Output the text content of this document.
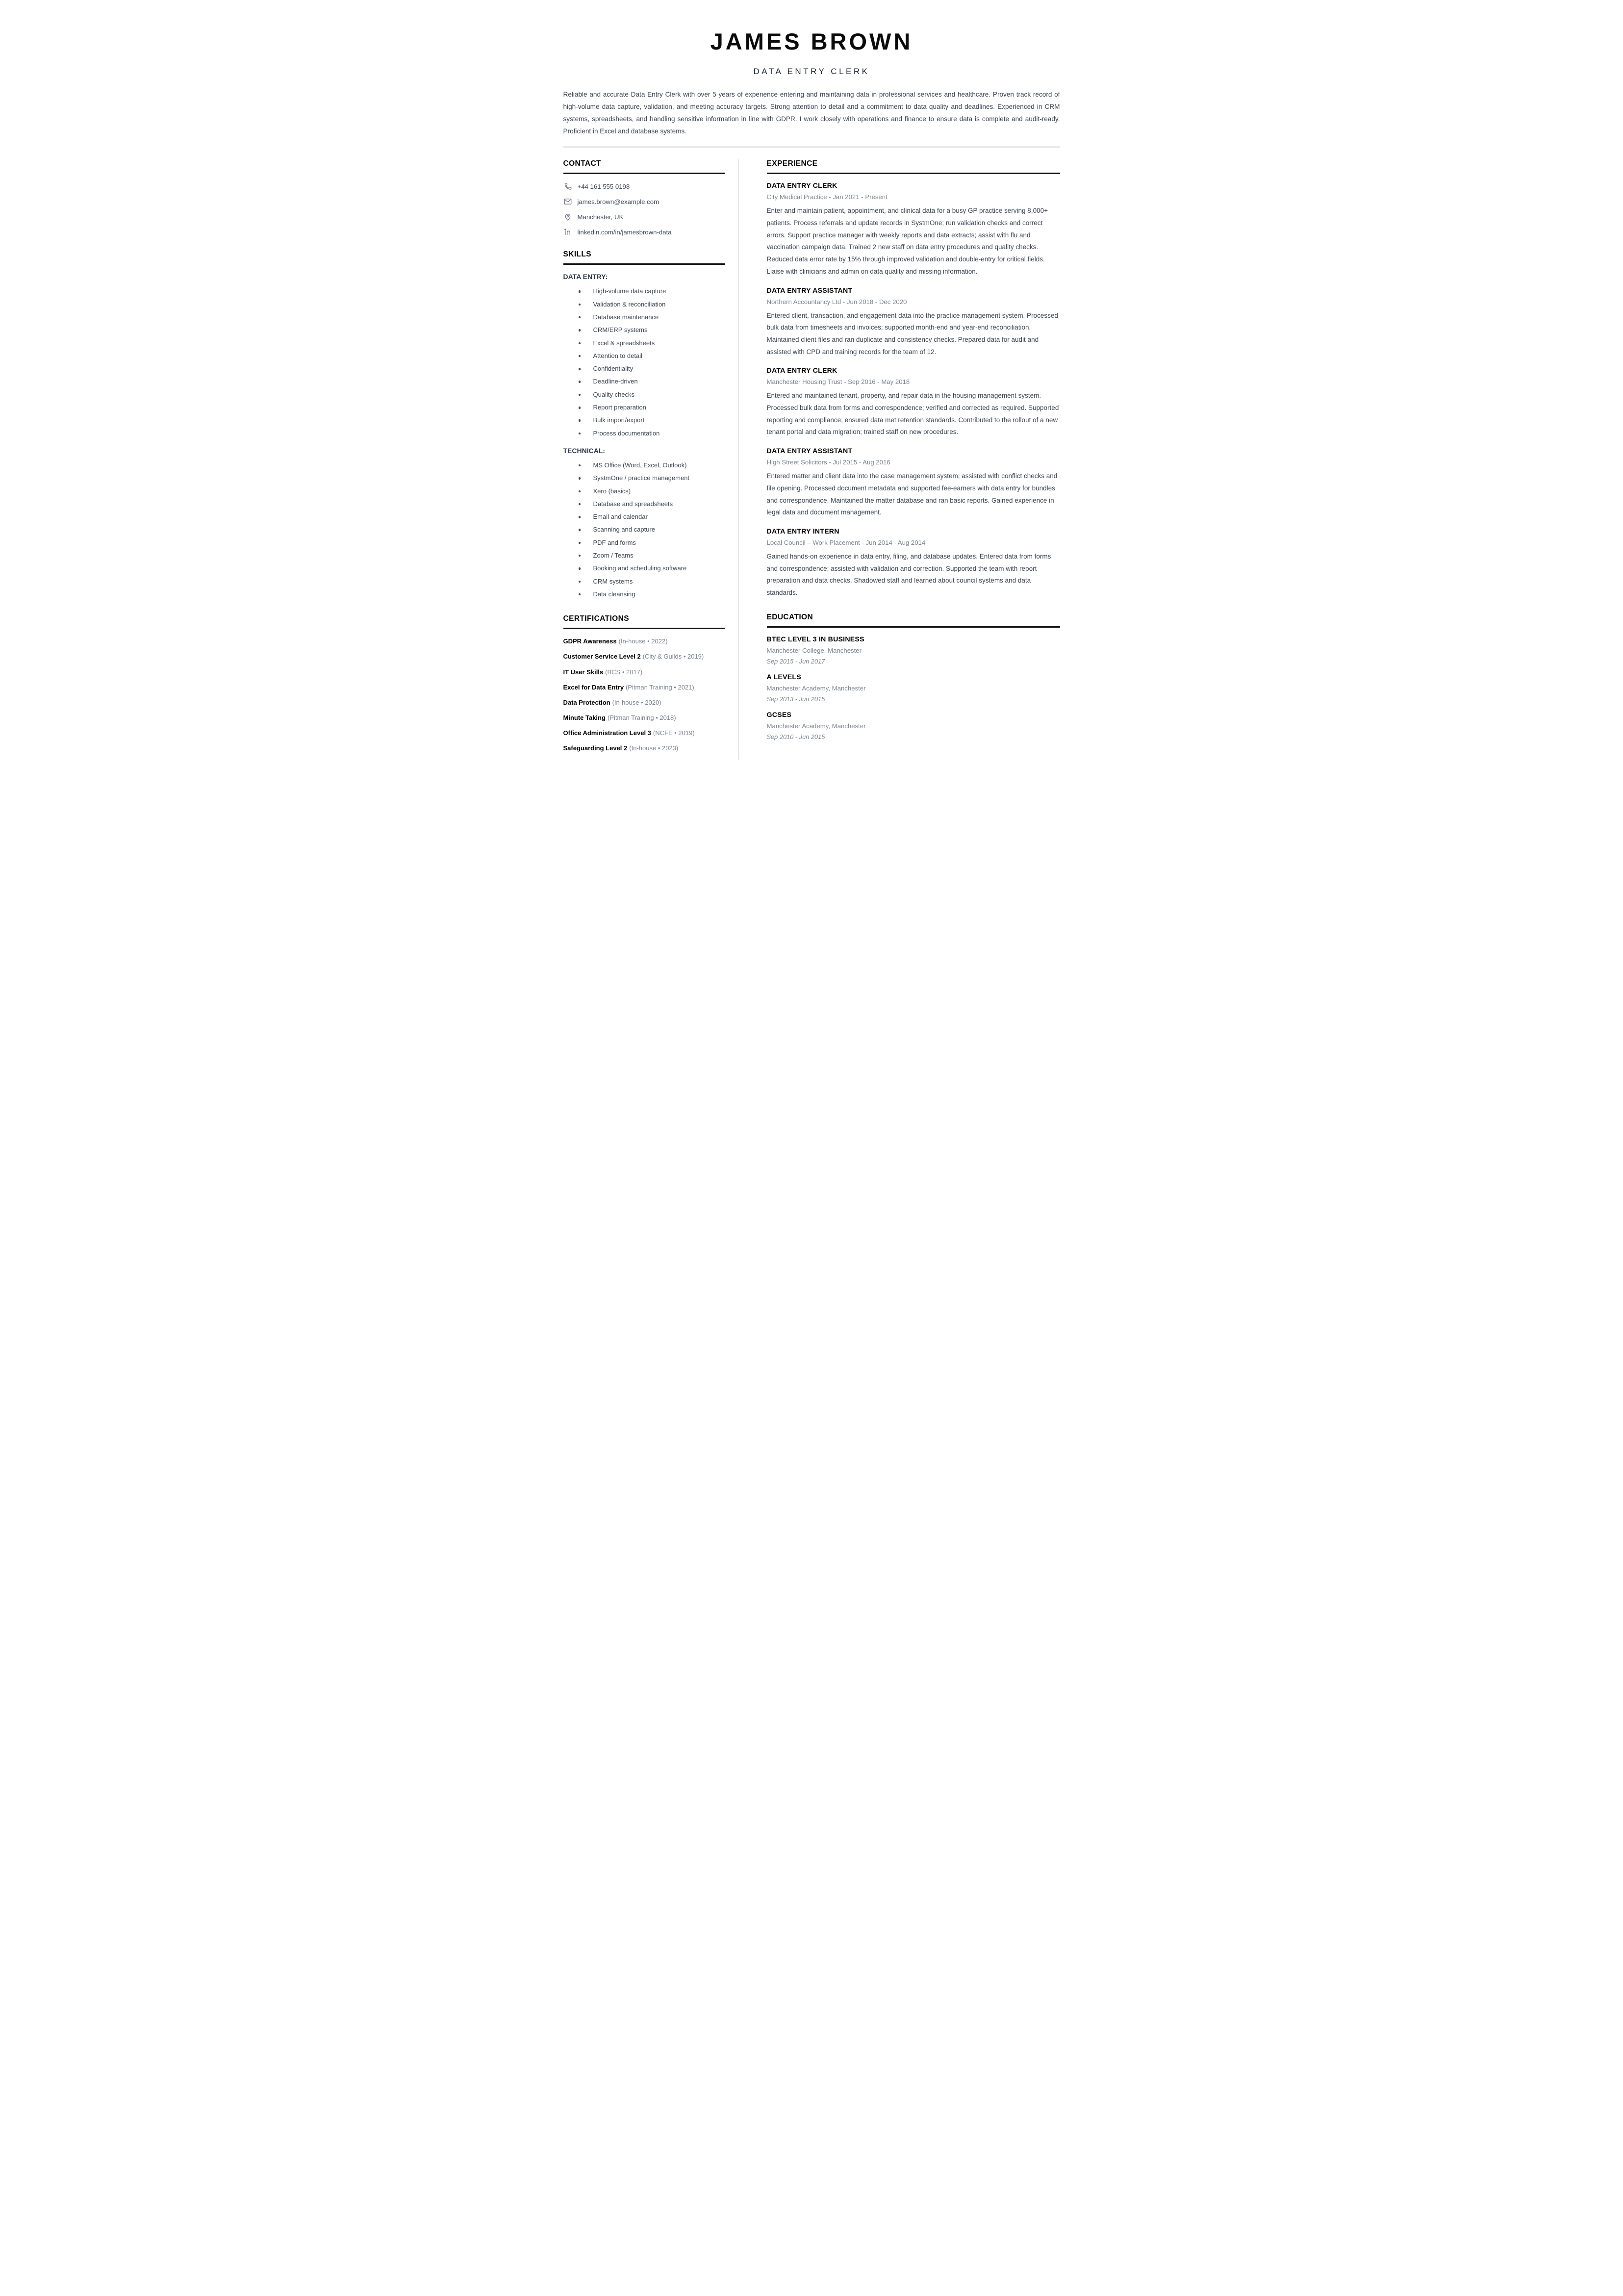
JAMES BROWN
DATA ENTRY CLERK

Reliable and accurate Data Entry Clerk with over 5 years of experience entering and maintaining data in professional services and healthcare. Proven track record of high-volume data capture, validation, and meeting accuracy targets. Strong attention to detail and a commitment to data quality and deadlines. Experienced in CRM systems, spreadsheets, and handling sensitive information in line with GDPR. I work closely with operations and finance to ensure data is complete and audit-ready. Proficient in Excel and database systems.

CONTACT
+44 161 555 0198
james.brown@example.com
Manchester, UK
linkedin.com/in/jamesbrown-data
SKILLS
DATA ENTRY:
High-volume data capture
Validation & reconciliation
Database maintenance
CRM/ERP systems
Excel & spreadsheets
Attention to detail
Confidentiality
Deadline-driven
Quality checks
Report preparation
Bulk import/export
Process documentation
TECHNICAL:
MS Office (Word, Excel, Outlook)
SystmOne / practice management
Xero (basics)
Database and spreadsheets
Email and calendar
Scanning and capture
PDF and forms
Zoom / Teams
Booking and scheduling software
CRM systems
Data cleansing
CERTIFICATIONS
GDPR Awareness (In-house • 2022)
Customer Service Level 2 (City & Guilds • 2019)
IT User Skills (BCS • 2017)
Excel for Data Entry (Pitman Training • 2021)
Data Protection (In-house • 2020)
Minute Taking (Pitman Training • 2018)
Office Administration Level 3 (NCFE • 2019)
Safeguarding Level 2 (In-house • 2023)
EXPERIENCE
DATA ENTRY CLERK
City Medical Practice - Jan 2021 - Present
Enter and maintain patient, appointment, and clinical data for a busy GP practice serving 8,000+ patients. Process referrals and update records in SystmOne; run validation checks and correct errors. Support practice manager with weekly reports and data extracts; assist with flu and vaccination campaign data. Trained 2 new staff on data entry procedures and quality checks. Reduced data error rate by 15% through improved validation and double-entry for critical fields. Liaise with clinicians and admin on data quality and missing information.
DATA ENTRY ASSISTANT
Northern Accountancy Ltd - Jun 2018 - Dec 2020
Entered client, transaction, and engagement data into the practice management system. Processed bulk data from timesheets and invoices; supported month-end and year-end reconciliation. Maintained client files and ran duplicate and consistency checks. Prepared data for audit and assisted with CPD and training records for the team of 12.
DATA ENTRY CLERK
Manchester Housing Trust - Sep 2016 - May 2018
Entered and maintained tenant, property, and repair data in the housing management system. Processed bulk data from forms and correspondence; verified and corrected as required. Supported reporting and compliance; ensured data met retention standards. Contributed to the rollout of a new tenant portal and data migration; trained staff on new procedures.
DATA ENTRY ASSISTANT
High Street Solicitors - Jul 2015 - Aug 2016
Entered matter and client data into the case management system; assisted with conflict checks and file opening. Processed document metadata and supported fee-earners with data entry for bundles and correspondence. Maintained the matter database and ran basic reports. Gained experience in legal data and document management.
DATA ENTRY INTERN
Local Council – Work Placement - Jun 2014 - Aug 2014
Gained hands-on experience in data entry, filing, and database updates. Entered data from forms and correspondence; assisted with validation and correction. Supported the team with report preparation and data checks. Shadowed staff and learned about council systems and data standards.
EDUCATION
BTEC LEVEL 3 IN BUSINESS
Manchester College, Manchester
Sep 2015 - Jun 2017
A LEVELS
Manchester Academy, Manchester
Sep 2013 - Jun 2015
GCSES
Manchester Academy, Manchester
Sep 2010 - Jun 2015
